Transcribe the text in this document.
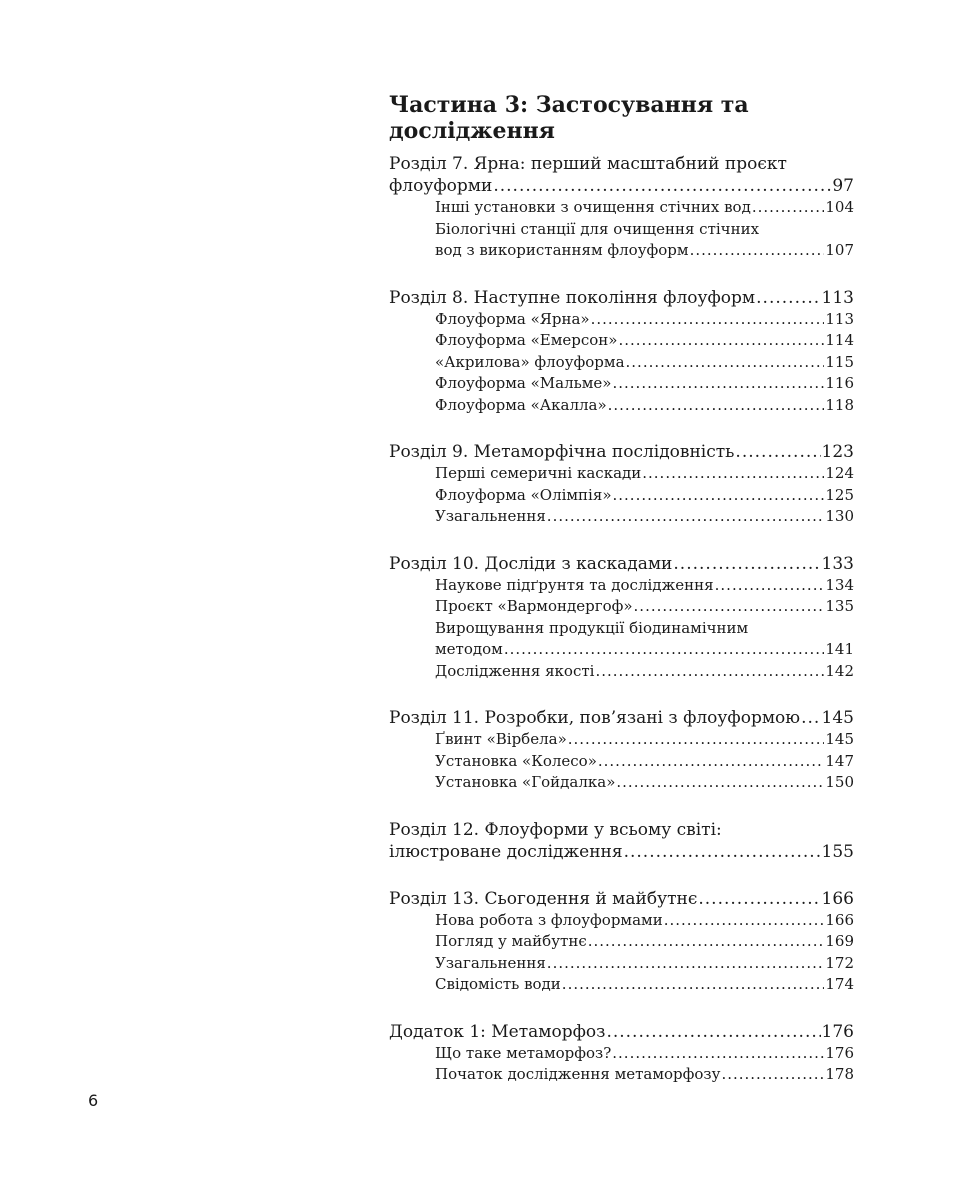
Частина 3: Застосування та дослідження
Розділ 7. Ярна: перший масштабний проєкт
флоуформи .....	97
Інші установки з очищення стічних вод .....	104
Біологічні станції для очищення стічних
вод з використанням флоуформ .....	107
Розділ 8. Наступне покоління флоуформ .....	113
Флоуформа «Ярна» .....	113
Флоуформа «Емерсон» .....	114
«Акрилова» флоуформа .....	115
Флоуформа «Мальме» .....	116
Флоуформа «Акалла» .....	118
Розділ 9. Метаморфічна послідовність .....	123
Перші семеричні каскади .....	124
Флоуформа «Олімпія» .....	125
Узагальнення .....	130
Розділ 10. Досліди з каскадами .....	133
Наукове підґрунтя та дослідження .....	134
Проєкт «Вармондергоф» .....	135
Вирощування продукції біодинамічним
методом .....	141
Дослідження якості .....	142
Розділ 11. Розробки, пов’язані з флоуформою ..... 145
Ґвинт «Вірбела» .....	145
Установка «Колесо» .....	147
Установка «Гойдалка» .....	150
Розділ 12. Флоуформи у всьому світі:
ілюстроване дослідження .....	155
Розділ 13. Сьогодення й майбутнє .....	166
Нова робота з флоуформами .....	166
Погляд у майбутнє .....	169
Узагальнення .....	172
Свідомість води .....	174
Додаток 1: Метаморфоз .....	176
Що таке метаморфоз? .....	176
Початок дослідження метаморфозу .....	178
6
